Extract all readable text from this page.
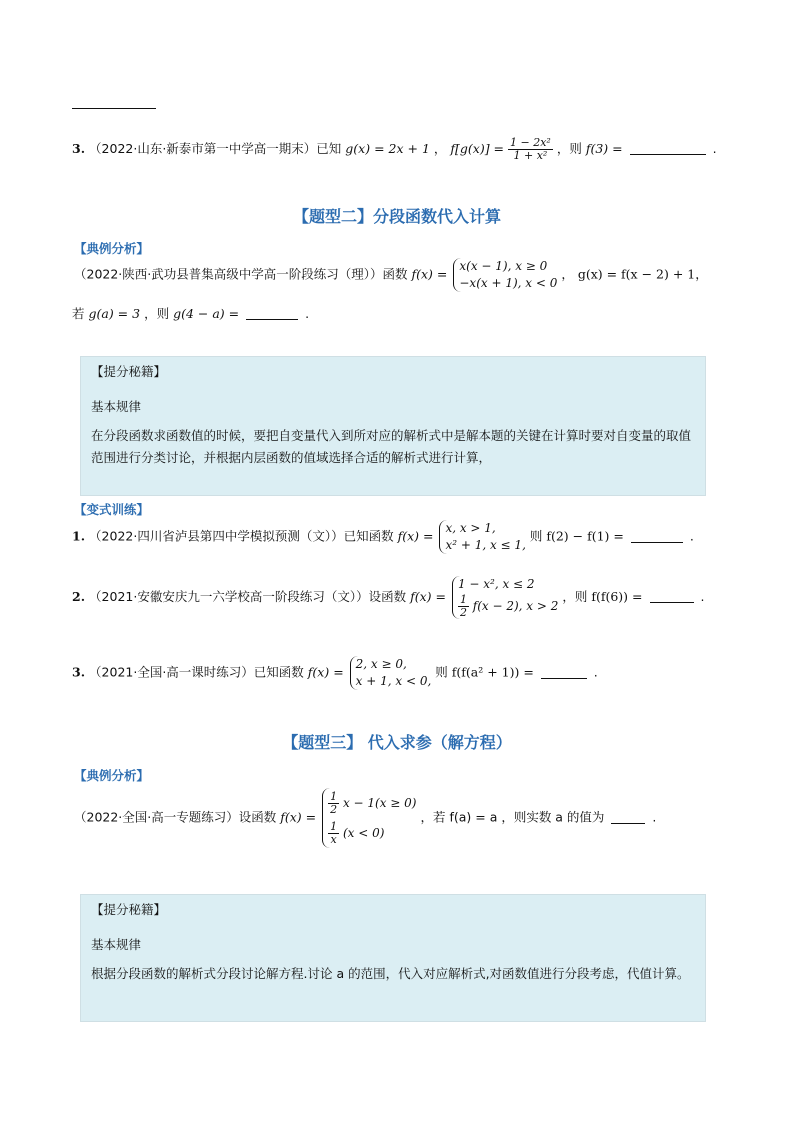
3. （2022·山东·新泰市第一中学高一期末）已知 g(x) = 2x + 1 ， $f[g(x)] = \frac{\text{1 − 2x²}}{\text{1 + x²}}$ ，则 f(3) =	.
【题型二】分段函数代入计算
【典例分析】
（2022·陕西·武功县普集高级中学高一阶段练习（理））函数 f(x) =
x(x − 1), x ≥ 0
−x(x + 1), x < 0
， g(x) = f(x − 2) + 1，
若 g(a) = 3 ，则 g(4 − a) =	.
【提分秘籍】
基本规律
在分段函数求函数值的时候，要把自变量代入到所对应的解析式中是解本题的关键在计算时要对自变量的取值范围进行分类讨论，并根据内层函数的值域选择合适的解析式进行计算，
【变式训练】
1. （2022·四川省泸县第四中学模拟预测（文））已知函数 f(x) =
x, x > 1,
x² + 1, x ≤ 1,
则 f(2) − f(1) =	.
2. （2021·安徽安庆九一六学校高一阶段练习（文））设函数 f(x) =
1 − x², x ≤ 2
$\frac{1}{2} f(x - 2)$, x > 2
，则 f(f(6)) =	.
3. （2021·全国·高一课时练习）已知函数 f(x) =
2, x ≥ 0,
x + 1, x < 0,
则 f(f(a² + 1)) =	.
【题型三】 代入求参（解方程）
【典例分析】
（2022·全国·高一专题练习）设函数 f(x) =
$\frac{1}{2}$ x − 1(x ≥ 0)
$\frac{1}{x} (x < 0)$
，若 f(a) = a ，则实数 a 的值为	.
【提分秘籍】
基本规律
根据分段函数的解析式分段讨论解方程.讨论 a 的范围，代入对应解析式,对函数值进行分段考虑，代值计算。
